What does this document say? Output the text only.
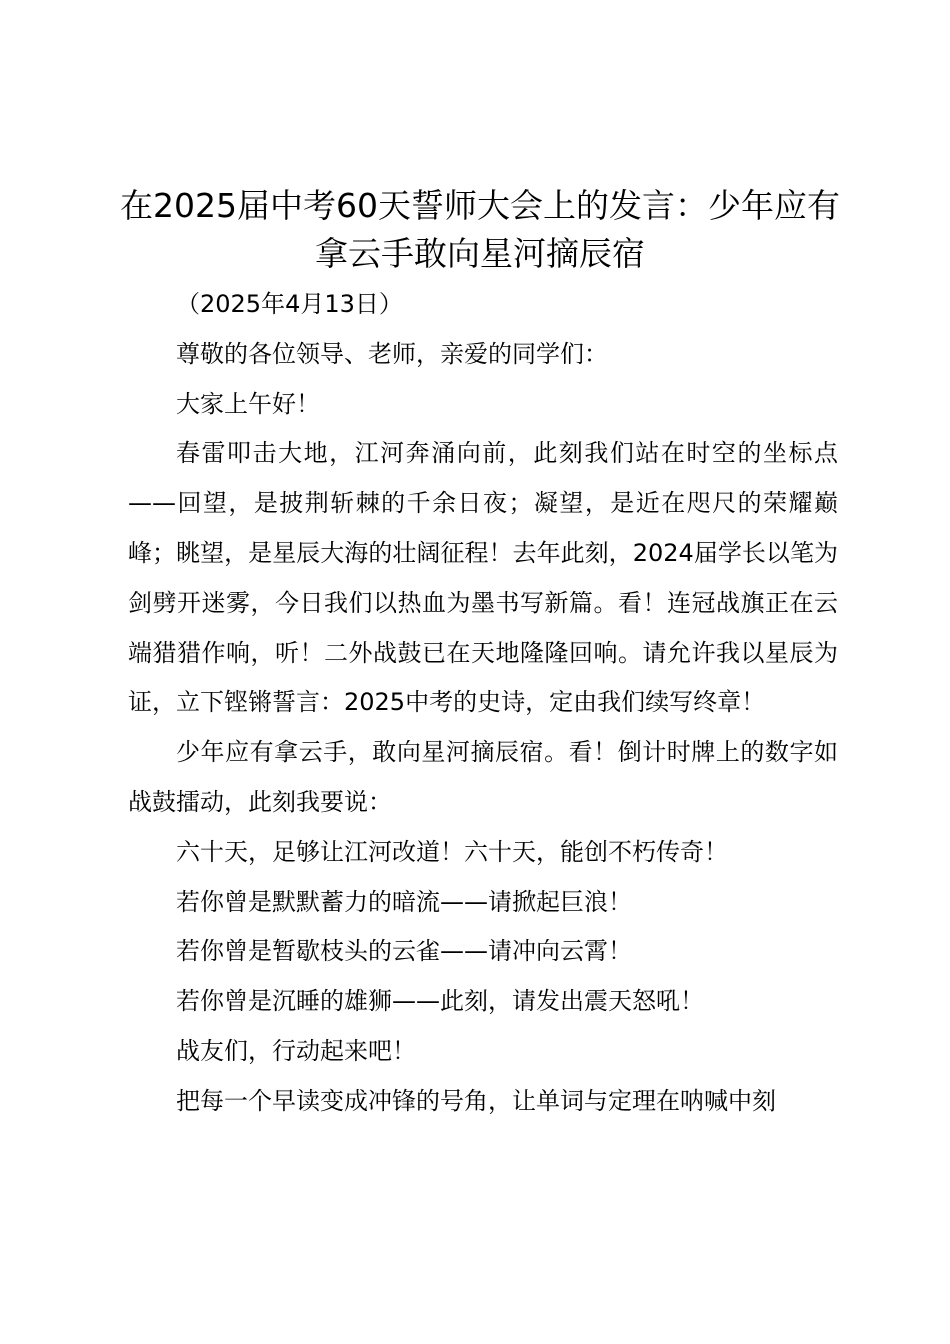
在2025届中考60天誓师大会上的发言：少年应有拿云手敢向星河摘辰宿

（2025年4月13日）

尊敬的各位领导、老师，亲爱的同学们：

大家上午好！

春雷叩击大地，江河奔涌向前，此刻我们站在时空的坐标点——回望，是披荆斩棘的千余日夜；凝望，是近在咫尺的荣耀巅峰；眺望，是星辰大海的壮阔征程！去年此刻，2024届学长以笔为剑劈开迷雾，今日我们以热血为墨书写新篇。看！连冠战旗正在云端猎猎作响，听！二外战鼓已在天地隆隆回响。请允许我以星辰为证，立下铿锵誓言：2025中考的史诗，定由我们续写终章！

少年应有拿云手，敢向星河摘辰宿。看！倒计时牌上的数字如战鼓擂动，此刻我要说：

六十天，足够让江河改道！六十天，能创不朽传奇！

若你曾是默默蓄力的暗流——请掀起巨浪！

若你曾是暂歇枝头的云雀——请冲向云霄！

若你曾是沉睡的雄狮——此刻，请发出震天怒吼！

战友们，行动起来吧！

把每一个早读变成冲锋的号角，让单词与定理在呐喊中刻
